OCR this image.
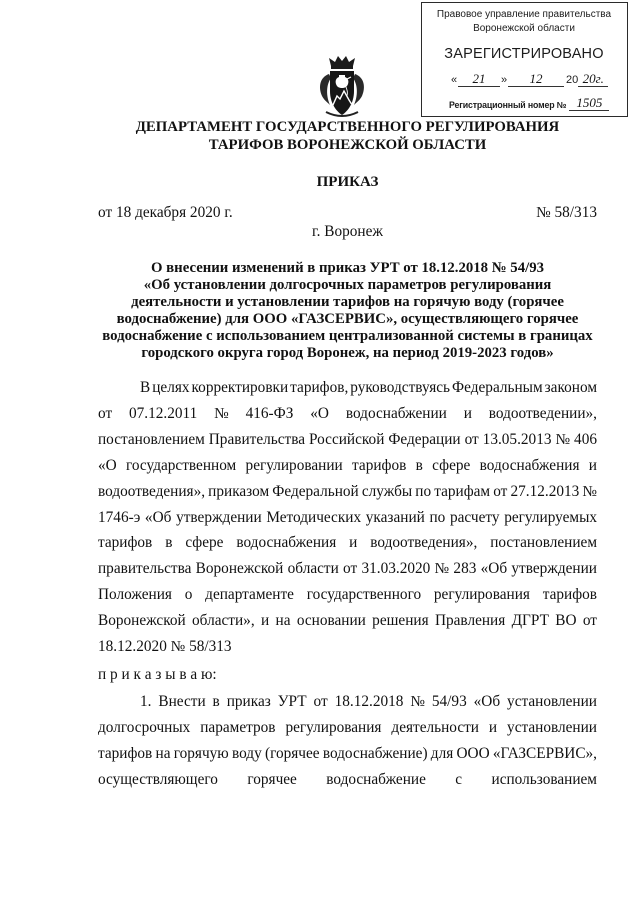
Правовое управление правительства
Воронежской области
ЗАРЕГИСТРИРОВАНО
«	21	»	12	20 20г.
Регистрационный номер № 1505
ДЕПАРТАМЕНТ ГОСУДАРСТВЕННОГО РЕГУЛИРОВАНИЯ
ТАРИФОВ ВОРОНЕЖСКОЙ ОБЛАСТИ
ПРИКАЗ
от 18 декабря 2020 г.	№ 58/313
г. Воронеж
О внесении изменений в приказ УРТ от 18.12.2018 № 54/93
«Об установлении долгосрочных параметров регулирования
деятельности и установлении тарифов на горячую воду (горячее
водоснабжение) для ООО «ГАЗСЕРВИС», осуществляющего горячее
водоснабжение с использованием централизованной системы в границах
городского округа город Воронеж, на период 2019-2023 годов»
В целях корректировки тарифов, руководствуясь Федеральным законом
от 07.12.2011 № 416-ФЗ «О водоснабжении и водоотведении»,
постановлением Правительства Российской Федерации от 13.05.2013 № 406
«О государственном регулировании тарифов в сфере водоснабжения и
водоотведения», приказом Федеральной службы по тарифам от 27.12.2013 №
1746-э «Об утверждении Методических указаний по расчету регулируемых
тарифов в сфере водоснабжения и водоотведения», постановлением
правительства Воронежской области от 31.03.2020 № 283 «Об утверждении
Положения о департаменте государственного регулирования тарифов
Воронежской области», и на основании решения Правления ДГРТ ВО от
18.12.2020 № 58/313
п р и к а з ы в а ю:
1. Внести в приказ УРТ от 18.12.2018 № 54/93 «Об установлении
долгосрочных параметров регулирования деятельности и установлении
тарифов на горячую воду (горячее водоснабжение) для ООО «ГАЗСЕРВИС»,
осуществляющего горячее водоснабжение с использованием
